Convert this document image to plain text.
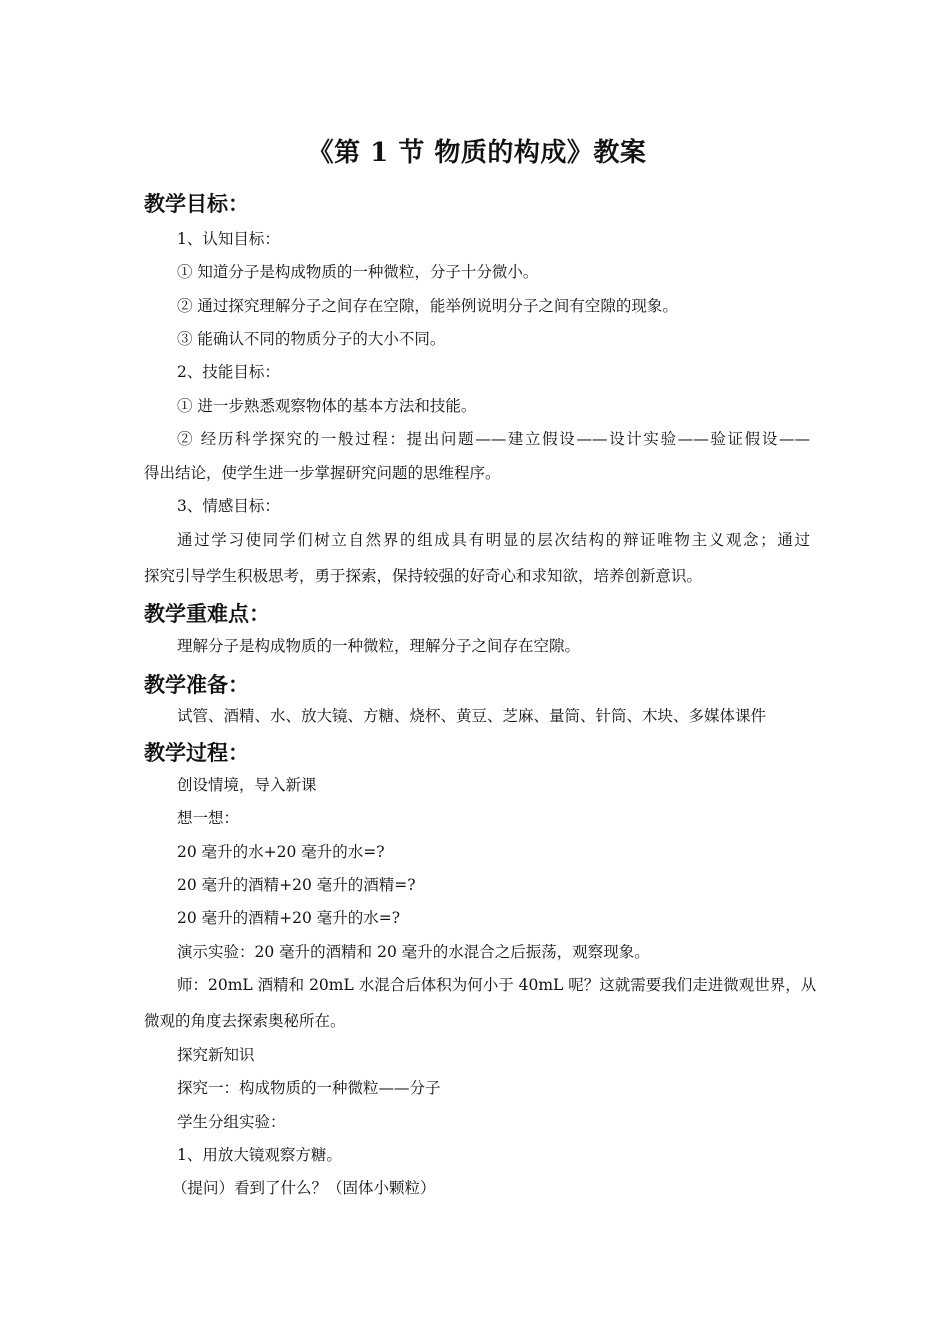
《第 1 节 物质的构成》教案
教学目标：
1、认知目标：
① 知道分子是构成物质的一种微粒，分子十分微小。
② 通过探究理解分子之间存在空隙，能举例说明分子之间有空隙的现象。
③ 能确认不同的物质分子的大小不同。
2、技能目标：
① 进一步熟悉观察物体的基本方法和技能。
② 经历科学探究的一般过程：提出问题——建立假设——设计实验——验证假设——
得出结论，使学生进一步掌握研究问题的思维程序。
3、情感目标：
通过学习使同学们树立自然界的组成具有明显的层次结构的辩证唯物主义观念；通过
探究引导学生积极思考，勇于探索，保持较强的好奇心和求知欲，培养创新意识。
教学重难点：
理解分子是构成物质的一种微粒，理解分子之间存在空隙。
教学准备：
试管、酒精、水、放大镜、方糖、烧杯、黄豆、芝麻、量筒、针筒、木块、多媒体课件
教学过程：
创设情境，导入新课
想一想：
20 毫升的水+20 毫升的水=?
20 毫升的酒精+20 毫升的酒精=?
20 毫升的酒精+20 毫升的水=?
演示实验：20 毫升的酒精和 20 毫升的水混合之后振荡，观察现象。
师：20mL 酒精和 20mL 水混合后体积为何小于 40mL 呢？这就需要我们走进微观世界，从
微观的角度去探索奥秘所在。
探究新知识
探究一：构成物质的一种微粒——分子
学生分组实验：
1、用放大镜观察方糖。
（提问）看到了什么？（固体小颗粒）
